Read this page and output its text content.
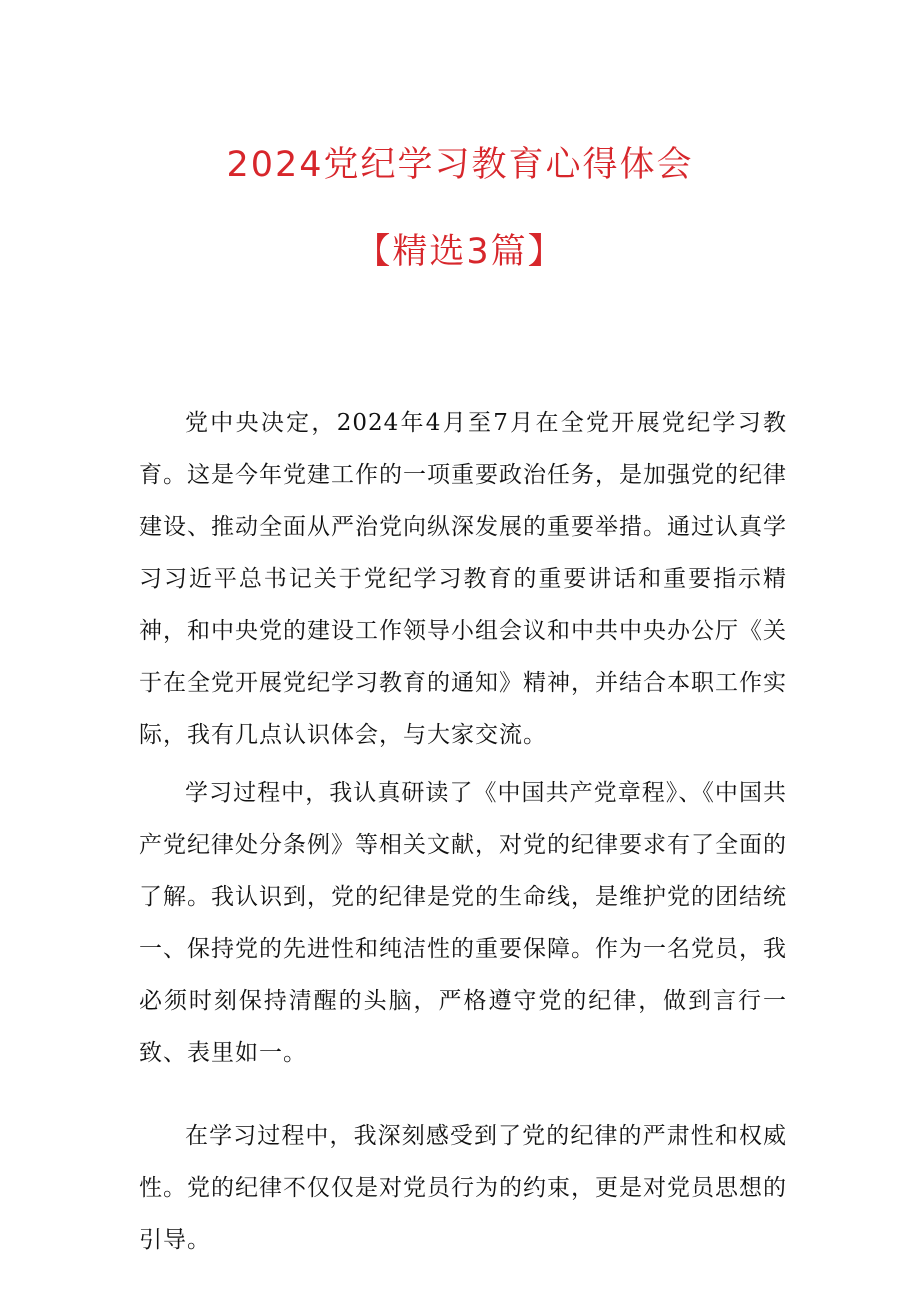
2024党纪学习教育心得体会
【精选3篇】

党中央决定，2024年4月至7月在全党开展党纪学习教育。这是今年党建工作的一项重要政治任务，是加强党的纪律建设、推动全面从严治党向纵深发展的重要举措。通过认真学习习近平总书记关于党纪学习教育的重要讲话和重要指示精神，和中央党的建设工作领导小组会议和中共中央办公厅《关于在全党开展党纪学习教育的通知》精神，并结合本职工作实际，我有几点认识体会，与大家交流。

学习过程中，我认真研读了《中国共产党章程》、《中国共产党纪律处分条例》等相关文献，对党的纪律要求有了全面的了解。我认识到，党的纪律是党的生命线，是维护党的团结统一、保持党的先进性和纯洁性的重要保障。作为一名党员，我必须时刻保持清醒的头脑，严格遵守党的纪律，做到言行一致、表里如一。

在学习过程中，我深刻感受到了党的纪律的严肃性和权威性。党的纪律不仅仅是对党员行为的约束，更是对党员思想的引导。
